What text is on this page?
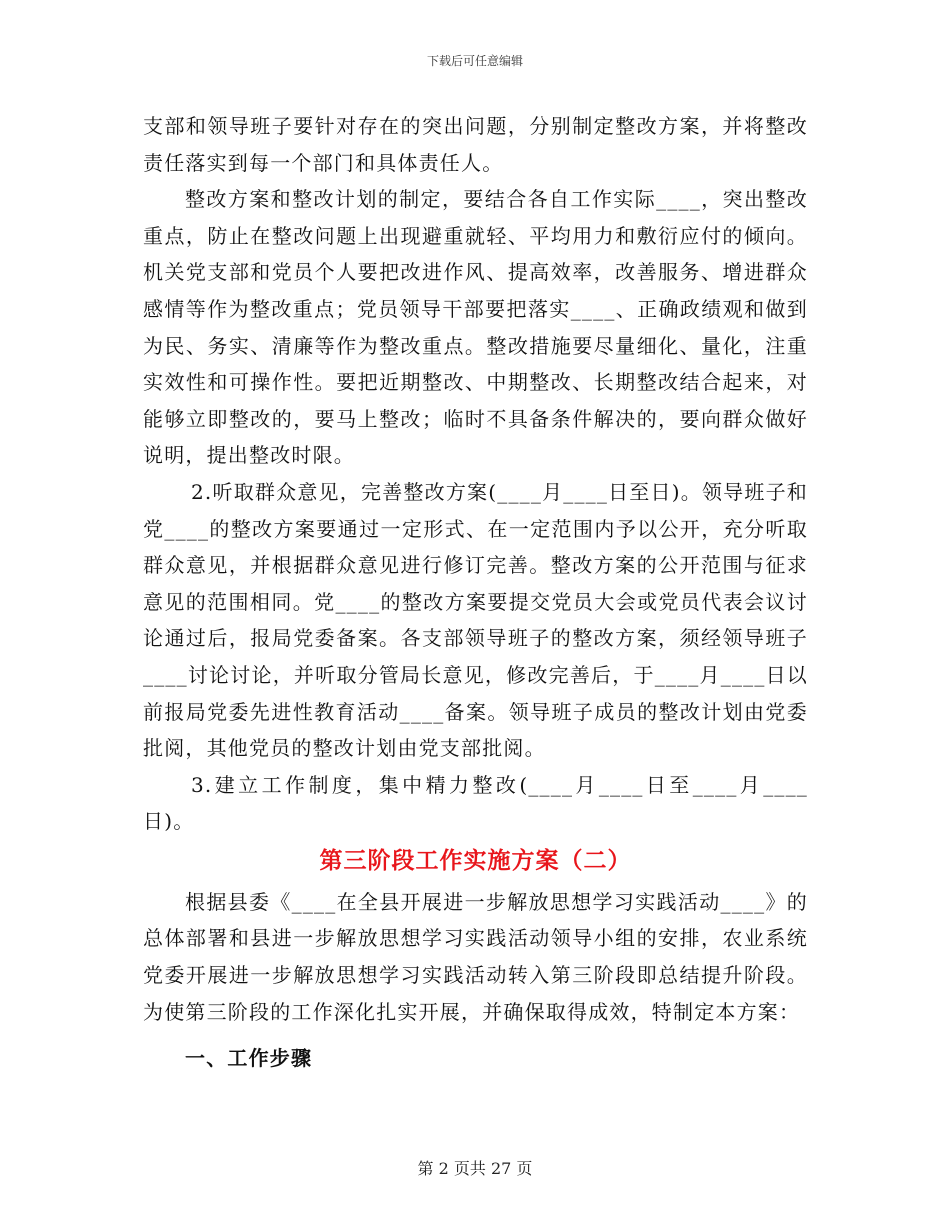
下载后可任意编辑

支部和领导班子要针对存在的突出问题，分别制定整改方案，并将整改责任落实到每一个部门和具体责任人。

整改方案和整改计划的制定，要结合各自工作实际____，突出整改重点，防止在整改问题上出现避重就轻、平均用力和敷衍应付的倾向。机关党支部和党员个人要把改进作风、提高效率，改善服务、增进群众感情等作为整改重点；党员领导干部要把落实____、正确政绩观和做到为民、务实、清廉等作为整改重点。整改措施要尽量细化、量化，注重实效性和可操作性。要把近期整改、中期整改、长期整改结合起来，对能够立即整改的，要马上整改；临时不具备条件解决的，要向群众做好说明，提出整改时限。

2.听取群众意见，完善整改方案(____月____日至日)。领导班子和党____的整改方案要通过一定形式、在一定范围内予以公开，充分听取群众意见，并根据群众意见进行修订完善。整改方案的公开范围与征求意见的范围相同。党____的整改方案要提交党员大会或党员代表会议讨论通过后，报局党委备案。各支部领导班子的整改方案，须经领导班子____讨论讨论，并听取分管局长意见，修改完善后，于____月____日以前报局党委先进性教育活动____备案。领导班子成员的整改计划由党委批阅，其他党员的整改计划由党支部批阅。

3.建立工作制度，集中精力整改(____月____日至____月____日)。

第三阶段工作实施方案（二）

根据县委《____在全县开展进一步解放思想学习实践活动____》的总体部署和县进一步解放思想学习实践活动领导小组的安排，农业系统党委开展进一步解放思想学习实践活动转入第三阶段即总结提升阶段。为使第三阶段的工作深化扎实开展，并确保取得成效，特制定本方案：

一、工作步骤
第 2 页共 27 页
